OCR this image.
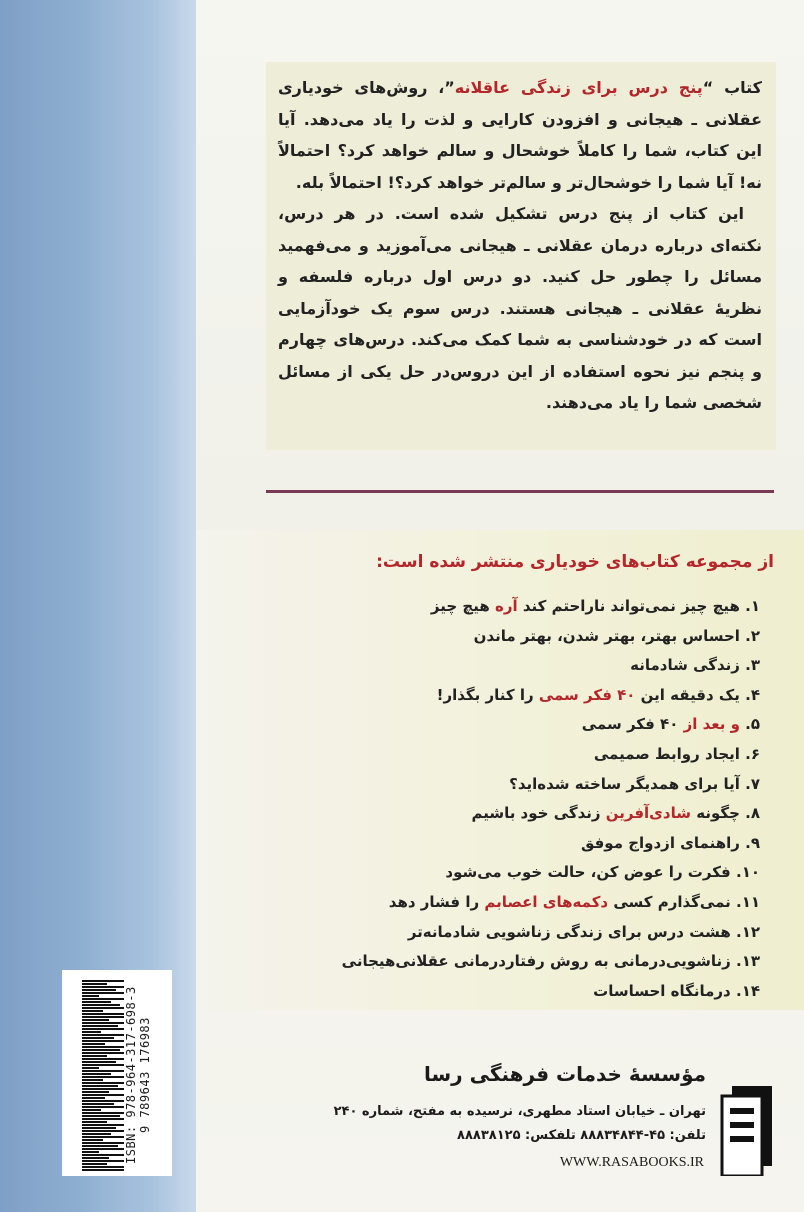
کتاب “پنج درس برای زندگی عاقلانه”، روش‌های خودیاری عقلانی ـ هیجانی و افزودن کارایی و لذت را یاد می‌دهد. آیا این کتاب، شما را کاملاً خوشحال و سالم خواهد کرد؟ احتمالاً نه! آیا شما را خوشحال‌تر و سالم‌تر خواهد کرد؟! احتمالاً بله.

این کتاب از پنج درس تشکیل شده است. در هر درس، نکته‌ای درباره درمان عقلانی ـ هیجانی می‌آموزید و می‌فهمید مسائل را چطور حل کنید. دو درس اول درباره فلسفه و نظریهٔ عقلانی ـ هیجانی هستند. درس سوم یک خودآزمایی است که در خودشناسی به شما کمک می‌کند. درس‌های چهارم و پنجم نیز نحوه استفاده از این دروس‌در حل یکی از مسائل شخصی شما را یاد می‌دهند.

از مجموعه کتاب‌های خودیاری منتشر شده است:
۱. هیچ چیز نمی‌تواند ناراحتم کند آره هیچ چیز
۲. احساس بهتر، بهتر شدن، بهتر ماندن
۳. زندگی شادمانه
۴. یک دقیقه این ۴۰ فکر سمی را کنار بگذار!
۵. و بعد از ۴۰ فکر سمی
۶. ایجاد روابط صمیمی
۷. آیا برای همدیگر ساخته شده‌اید؟
۸. چگونه شادی‌آفرین زندگی خود باشیم
۹. راهنمای ازدواج موفق
۱۰. فکرت را عوض کن، حالت خوب می‌شود
۱۱. نمی‌گذارم کسی دکمه‌های اعصابم را فشار دهد
۱۲. هشت درس برای زندگی زناشویی شادمانه‌تر
۱۳. زناشویی‌درمانی به روش رفتاردرمانی عقلانی‌هیجانی
۱۴. درمانگاه احساسات
ISBN: 978-964-317-698-3
9 789643 176983	مؤسسهٔ خدمات فرهنگی رسا
تهران ـ خیابان استاد مطهری، نرسیده به مفتح، شماره ۲۴۰
تلفن: ۴۵-۸۸۸۳۴۸۴۴ تلفکس: ۸۸۸۳۸۱۲۵
WWW.RASABOOKS.IR
